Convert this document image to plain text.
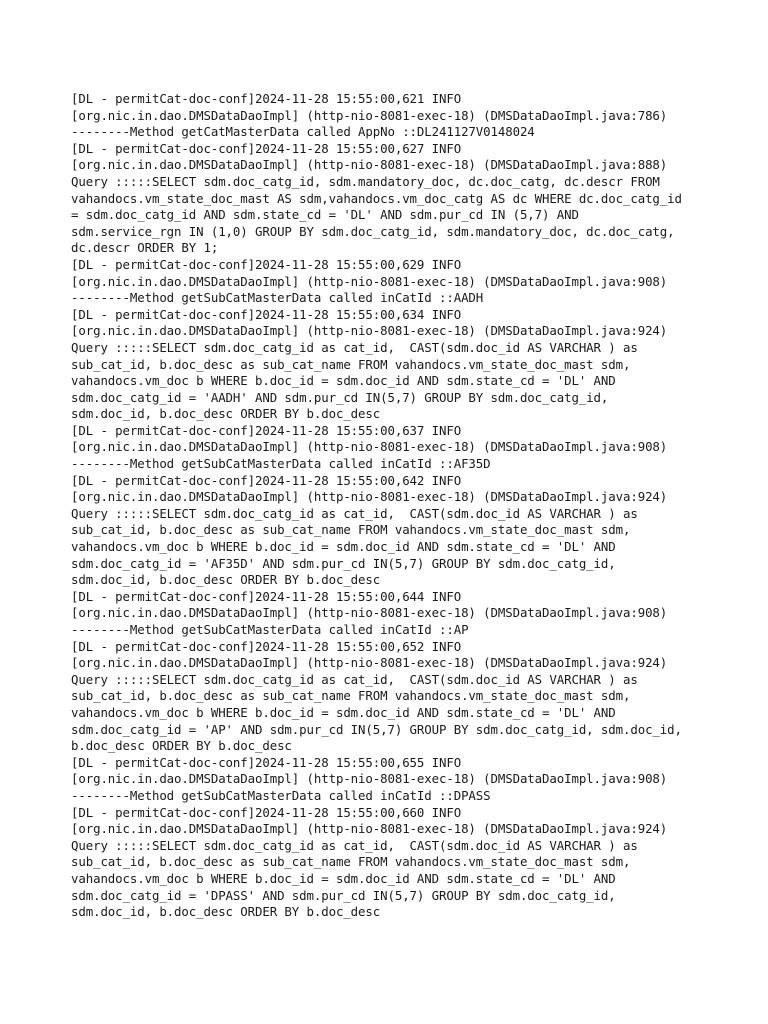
[DL - permitCat-doc-conf]2024-11-28 15:55:00,621 INFO
[org.nic.in.dao.DMSDataDaoImpl] (http-nio-8081-exec-18) (DMSDataDaoImpl.java:786)
--------Method getCatMasterData called AppNo ::DL241127V0148024
[DL - permitCat-doc-conf]2024-11-28 15:55:00,627 INFO
[org.nic.in.dao.DMSDataDaoImpl] (http-nio-8081-exec-18) (DMSDataDaoImpl.java:888)
Query :::::SELECT sdm.doc_catg_id, sdm.mandatory_doc, dc.doc_catg, dc.descr FROM
vahandocs.vm_state_doc_mast AS sdm,vahandocs.vm_doc_catg AS dc WHERE dc.doc_catg_id
= sdm.doc_catg_id AND sdm.state_cd = 'DL' AND sdm.pur_cd IN (5,7) AND
sdm.service_rgn IN (1,0) GROUP BY sdm.doc_catg_id, sdm.mandatory_doc, dc.doc_catg,
dc.descr ORDER BY 1;
[DL - permitCat-doc-conf]2024-11-28 15:55:00,629 INFO
[org.nic.in.dao.DMSDataDaoImpl] (http-nio-8081-exec-18) (DMSDataDaoImpl.java:908)
--------Method getSubCatMasterData called inCatId ::AADH
[DL - permitCat-doc-conf]2024-11-28 15:55:00,634 INFO
[org.nic.in.dao.DMSDataDaoImpl] (http-nio-8081-exec-18) (DMSDataDaoImpl.java:924)
Query :::::SELECT sdm.doc_catg_id as cat_id,  CAST(sdm.doc_id AS VARCHAR ) as
sub_cat_id, b.doc_desc as sub_cat_name FROM vahandocs.vm_state_doc_mast sdm,
vahandocs.vm_doc b WHERE b.doc_id = sdm.doc_id AND sdm.state_cd = 'DL' AND
sdm.doc_catg_id = 'AADH' AND sdm.pur_cd IN(5,7) GROUP BY sdm.doc_catg_id,
sdm.doc_id, b.doc_desc ORDER BY b.doc_desc
[DL - permitCat-doc-conf]2024-11-28 15:55:00,637 INFO
[org.nic.in.dao.DMSDataDaoImpl] (http-nio-8081-exec-18) (DMSDataDaoImpl.java:908)
--------Method getSubCatMasterData called inCatId ::AF35D
[DL - permitCat-doc-conf]2024-11-28 15:55:00,642 INFO
[org.nic.in.dao.DMSDataDaoImpl] (http-nio-8081-exec-18) (DMSDataDaoImpl.java:924)
Query :::::SELECT sdm.doc_catg_id as cat_id,  CAST(sdm.doc_id AS VARCHAR ) as
sub_cat_id, b.doc_desc as sub_cat_name FROM vahandocs.vm_state_doc_mast sdm,
vahandocs.vm_doc b WHERE b.doc_id = sdm.doc_id AND sdm.state_cd = 'DL' AND
sdm.doc_catg_id = 'AF35D' AND sdm.pur_cd IN(5,7) GROUP BY sdm.doc_catg_id,
sdm.doc_id, b.doc_desc ORDER BY b.doc_desc
[DL - permitCat-doc-conf]2024-11-28 15:55:00,644 INFO
[org.nic.in.dao.DMSDataDaoImpl] (http-nio-8081-exec-18) (DMSDataDaoImpl.java:908)
--------Method getSubCatMasterData called inCatId ::AP
[DL - permitCat-doc-conf]2024-11-28 15:55:00,652 INFO
[org.nic.in.dao.DMSDataDaoImpl] (http-nio-8081-exec-18) (DMSDataDaoImpl.java:924)
Query :::::SELECT sdm.doc_catg_id as cat_id,  CAST(sdm.doc_id AS VARCHAR ) as
sub_cat_id, b.doc_desc as sub_cat_name FROM vahandocs.vm_state_doc_mast sdm,
vahandocs.vm_doc b WHERE b.doc_id = sdm.doc_id AND sdm.state_cd = 'DL' AND
sdm.doc_catg_id = 'AP' AND sdm.pur_cd IN(5,7) GROUP BY sdm.doc_catg_id, sdm.doc_id,
b.doc_desc ORDER BY b.doc_desc
[DL - permitCat-doc-conf]2024-11-28 15:55:00,655 INFO
[org.nic.in.dao.DMSDataDaoImpl] (http-nio-8081-exec-18) (DMSDataDaoImpl.java:908)
--------Method getSubCatMasterData called inCatId ::DPASS
[DL - permitCat-doc-conf]2024-11-28 15:55:00,660 INFO
[org.nic.in.dao.DMSDataDaoImpl] (http-nio-8081-exec-18) (DMSDataDaoImpl.java:924)
Query :::::SELECT sdm.doc_catg_id as cat_id,  CAST(sdm.doc_id AS VARCHAR ) as
sub_cat_id, b.doc_desc as sub_cat_name FROM vahandocs.vm_state_doc_mast sdm,
vahandocs.vm_doc b WHERE b.doc_id = sdm.doc_id AND sdm.state_cd = 'DL' AND
sdm.doc_catg_id = 'DPASS' AND sdm.pur_cd IN(5,7) GROUP BY sdm.doc_catg_id,
sdm.doc_id, b.doc_desc ORDER BY b.doc_desc
